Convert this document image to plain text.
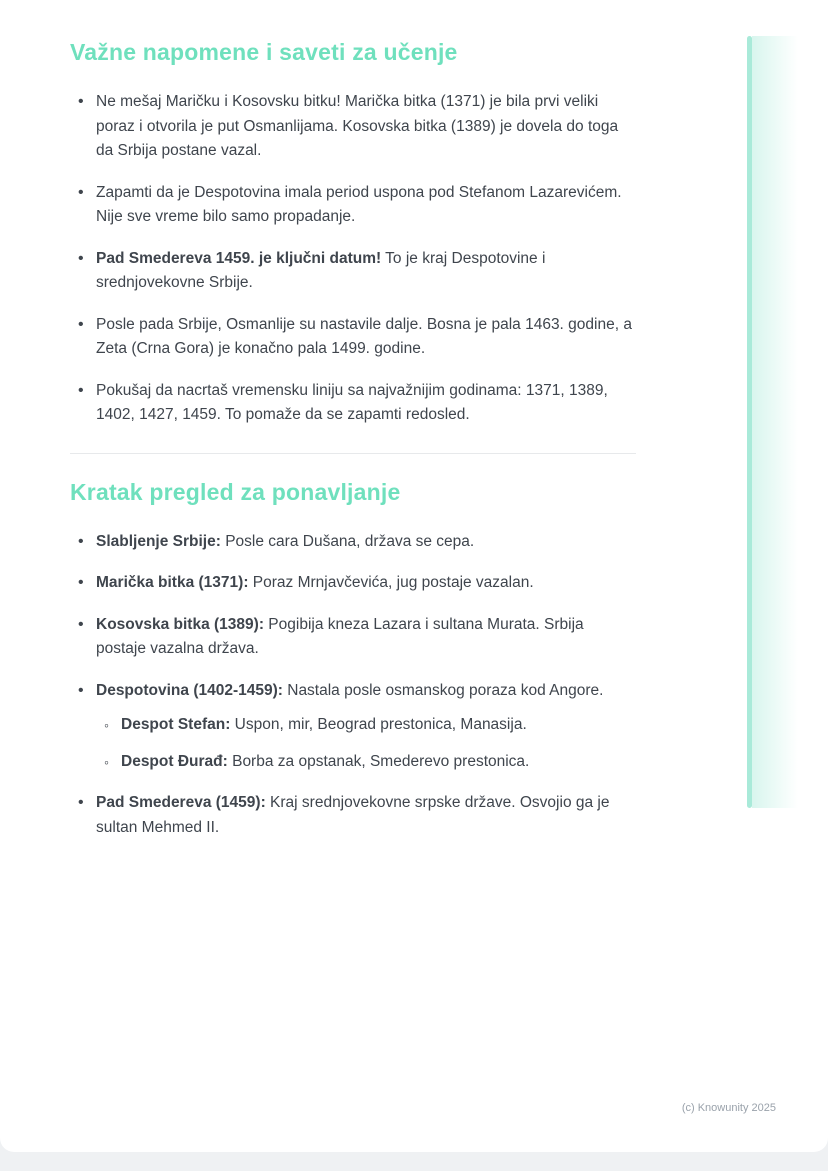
Važne napomene i saveti za učenje
• Ne mešaj Maričku i Kosovsku bitku! Marička bitka (1371) je bila prvi veliki poraz i otvorila je put Osmanlijama. Kosovska bitka (1389) je dovela do toga da Srbija postane vazal.
• Zapamti da je Despotovina imala period uspona pod Stefanom Lazarevićem. Nije sve vreme bilo samo propadanje.
• Pad Smedereva 1459. je ključni datum! To je kraj Despotovine i srednjovekovne Srbije.
• Posle pada Srbije, Osmanlije su nastavile dalje. Bosna je pala 1463. godine, a Zeta (Crna Gora) je konačno pala 1499. godine.
• Pokušaj da nacrtaš vremensku liniju sa najvažnijim godinama: 1371, 1389, 1402, 1427, 1459. To pomaže da se zapamti redosled.
Kratak pregled za ponavljanje
• Slabljenje Srbije: Posle cara Dušana, država se cepa.
• Marička bitka (1371): Poraz Mrnjavčevića, jug postaje vazalan.
• Kosovska bitka (1389): Pogibija kneza Lazara i sultana Murata. Srbija postaje vazalna država.
• Despotovina (1402-1459): Nastala posle osmanskog poraza kod Angore.
◦ Despot Stefan: Uspon, mir, Beograd prestonica, Manasija.
◦ Despot Đurađ: Borba za opstanak, Smederevo prestonica.
• Pad Smedereva (1459): Kraj srednjovekovne srpske države. Osvojio ga je sultan Mehmed II.
(c) Knowunity 2025
